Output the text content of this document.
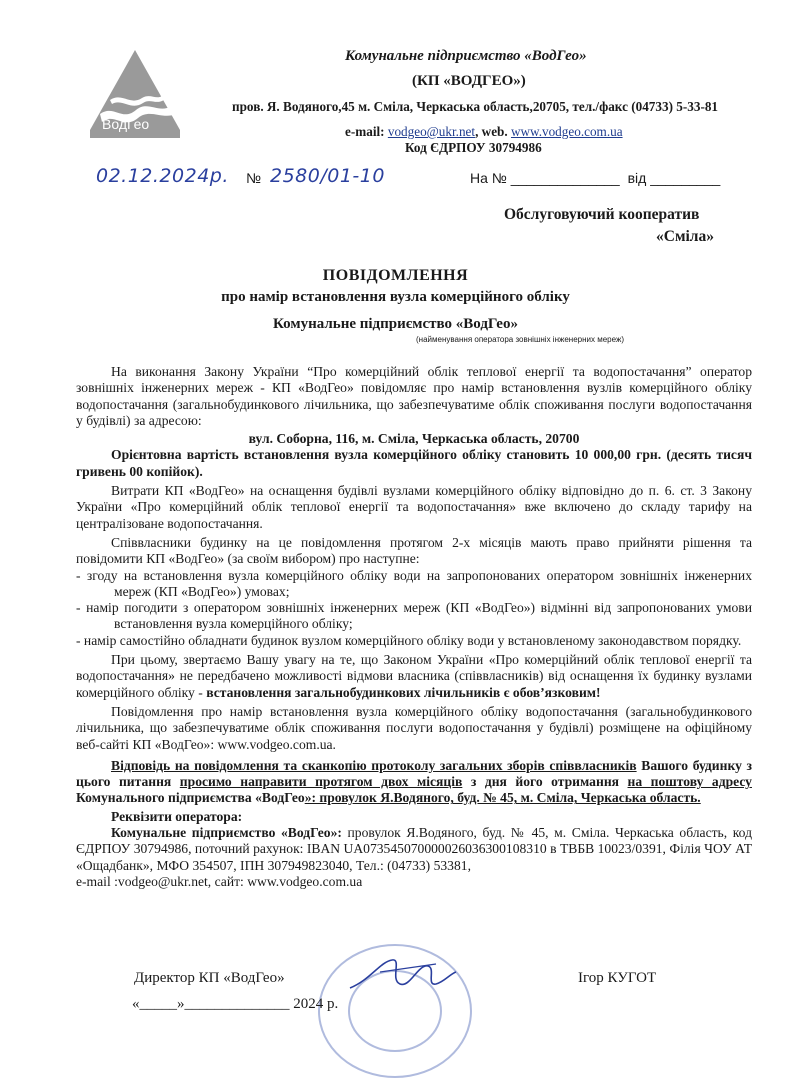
ВодГео
Комунальне підприємство «ВодГео»
(КП «ВОДГЕО»)
пров. Я. Водяного,45 м. Сміла, Черкаська область,20705, тел./факс (04733) 5-33-81
e-mail: vodgeo@ukr.net, web. www.vodgeo.com.ua
Код ЄДРПОУ 30794986
02.12.2024р. № 2580/01-10	На № ______________ від _________
Обслуговуючий кооператив
«Сміла»
ПОВІДОМЛЕННЯ
про намір встановлення вузла комерційного обліку
Комунальне підприємство «ВодГео»
(найменування оператора зовнішніх інженерних мереж)

На виконання Закону України “Про комерційний облік теплової енергії та водопостачання” оператор зовнішніх інженерних мереж - КП «ВодГео» повідомляє про намір встановлення вузлів комерційного обліку водопостачання (загальнобудинкового лічильника, що забезпечуватиме облік споживання послуги водопостачання у будівлі) за адресою:

вул. Соборна, 116, м. Сміла, Черкаська область, 20700

Орієнтовна вартість встановлення вузла комерційного обліку становить 10 000,00 грн. (десять тисяч гривень 00 копійок).

Витрати КП «ВодГео» на оснащення будівлі вузлами комерційного обліку відповідно до п. 6. ст. 3 Закону України «Про комерційний облік теплової енергії та водопостачання» вже включено до складу тарифу на централізоване водопостачання.

Співвласники будинку на це повідомлення протягом 2-х місяців мають право прийняти рішення та повідомити КП «ВодГео» (за своїм вибором) про наступне:

- згоду на встановлення вузла комерційного обліку води на запропонованих оператором зовнішніх інженерних мереж (КП «ВодГео») умовах;

- намір погодити з оператором зовнішніх інженерних мереж (КП «ВодГео») відмінні від запропонованих умови встановлення вузла комерційного обліку;

- намір самостійно обладнати будинок вузлом комерційного обліку води у встановленому законодавством порядку.

При цьому, звертаємо Вашу увагу на те, що Законом України «Про комерційний облік теплової енергії та водопостачання» не передбачено можливості відмови власника (співвласників) від оснащення їх будинку вузлами комерційного обліку - встановлення загальнобудинкових лічильників є обов’язковим!

Повідомлення про намір встановлення вузла комерційного обліку водопостачання (загальнобудинкового лічильника, що забезпечуватиме облік споживання послуги водопостачання у будівлі) розміщене на офіційному веб-сайті КП «ВодГео»: www.vodgeo.com.ua.

Відповідь на повідомлення та сканкопію протоколу загальних зборів співвласників Вашого будинку з цього питання просимо направити протягом двох місяців з дня його отримання на поштову адресу Комунального підприємства «ВодГео»: провулок Я.Водяного, буд. № 45, м. Сміла, Черкаська область.

Реквізити оператора:

Комунальне підприємство «ВодГео»: провулок Я.Водяного, буд. № 45, м. Сміла. Черкаська область, код ЄДРПОУ 30794986, поточний рахунок: IBAN UA073545070000026036300108310 в ТВБВ 10023/0391, Філія ЧОУ АТ «Ощадбанк», МФО 354507, ІПН 307949823040, Тел.: (04733) 53381,

e-mail :vodgeo@ukr.net, сайт: www.vodgeo.com.ua

Директор КП «ВодГео»	Ігор КУГОТ
«_____»______________ 2024 р.
